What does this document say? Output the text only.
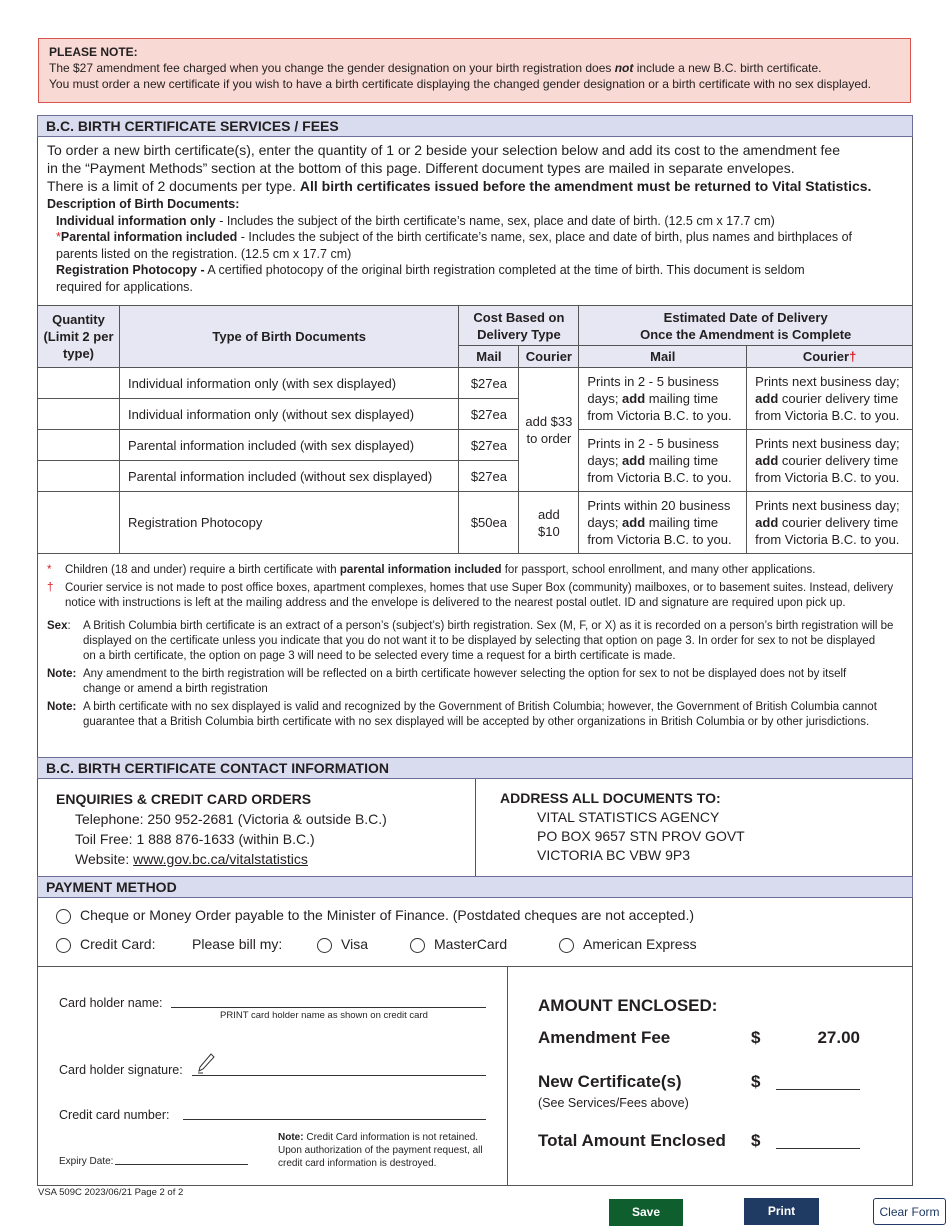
PLEASE NOTE:
The $27 amendment fee charged when you change the gender designation on your birth registration does not include a new B.C. birth certificate.
You must order a new certificate if you wish to have a birth certificate displaying the changed gender designation or a birth certificate with no sex displayed.
B.C. BIRTH CERTIFICATE SERVICES / FEES
To order a new birth certificate(s), enter the quantity of 1 or 2 beside your selection below and add its cost to the amendment fee
in the “Payment Methods” section at the bottom of this page. Different document types are mailed in separate envelopes.
There is a limit of 2 documents per type. All birth certificates issued before the amendment must be returned to Vital Statistics.
Description of Birth Documents:
Individual information only - Includes the subject of the birth certificate’s name, sex, place and date of birth. (12.5 cm x 17.7 cm)
*Parental information included - Includes the subject of the birth certificate’s name, sex, place and date of birth, plus names and birthplaces of
parents listed on the registration. (12.5 cm x 17.7 cm)
Registration Photocopy - A certified photocopy of the original birth registration completed at the time of birth. This document is seldom
required for applications.
Quantity (Limit 2 per type)	Type of Birth Documents	Cost Based on Delivery Type		Estimated Date of Delivery
Once the Amendment is Complete	

		Mail	Courier	Mail	Courier†
	Individual information only (with sex displayed)	$27ea	add $33 to order	Prints in 2 - 5 business days; add mailing time from Victoria B.C. to you.	Prints next business day; add courier delivery time from Victoria B.C. to you.
	Individual information only (without sex displayed)	$27ea			
	Parental information included (with sex displayed)	$27ea		Prints in 2 - 5 business days; add mailing time from Victoria B.C. to you.	Prints next business day; add courier delivery time from Victoria B.C. to you.
	Parental information included (without sex displayed)	$27ea			
	Registration Photocopy	$50ea	add $10	Prints within 20 business days; add mailing time from Victoria B.C. to you.	Prints next business day; add courier delivery time from Victoria B.C. to you.
*	Children (18 and under) require a birth certificate with parental information included for passport, school enrollment, and many other applications.
†	Courier service is not made to post office boxes, apartment complexes, homes that use Super Box (community) mailboxes, or to basement suites. Instead, delivery
notice with instructions is left at the mailing address and the envelope is delivered to the nearest postal outlet. ID and signature are required upon pick up.
Sex:	A British Columbia birth certificate is an extract of a person’s (subject’s) birth registration. Sex (M, F, or X) as it is recorded on a person’s birth registration will be
displayed on the certificate unless you indicate that you do not want it to be displayed by selecting that option on page 3. In order for sex to not be displayed
on a birth certificate, the option on page 3 will need to be selected every time a request for a birth certificate is made.
Note: Any amendment to the birth registration will be reflected on a birth certificate however selecting the option for sex to not be displayed does not by itself
change or amend a birth registration
Note: A birth certificate with no sex displayed is valid and recognized by the Government of British Columbia; however, the Government of British Columbia cannot
guarantee that a British Columbia birth certificate with no sex displayed will be accepted by other organizations in British Columbia or by other jurisdictions.
B.C. BIRTH CERTIFICATE CONTACT INFORMATION
ENQUIRIES & CREDIT CARD ORDERS
Telephone: 250 952-2681 (Victoria & outside B.C.)
Toil Free: 1 888 876-1633 (within B.C.)
Website: www.gov.bc.ca/vitalstatistics
ADDRESS ALL DOCUMENTS TO:
VITAL STATISTICS AGENCY
PO BOX 9657 STN PROV GOVT
VICTORIA BC VBW 9P3
PAYMENT METHOD
Cheque or Money Order payable to the Minister of Finance. (Postdated cheques are not accepted.)
Credit Card:	Please bill my:	Visa	MasterCard	American Express
Card holder name:
PRINT card holder name as shown on credit card
Card holder signature:
Credit card number:
Expiry Date:
Note: Credit Card information is not retained.
Upon authorization of the payment request, all
credit card information is destroyed.
AMOUNT ENCLOSED:
Amendment Fee	$	27.00
New Certificate(s)
(See Services/Fees above)
$
Total Amount Enclosed $
VSA 509C 2023/06/21 Page 2 of 2
Save	Print	Clear Form
